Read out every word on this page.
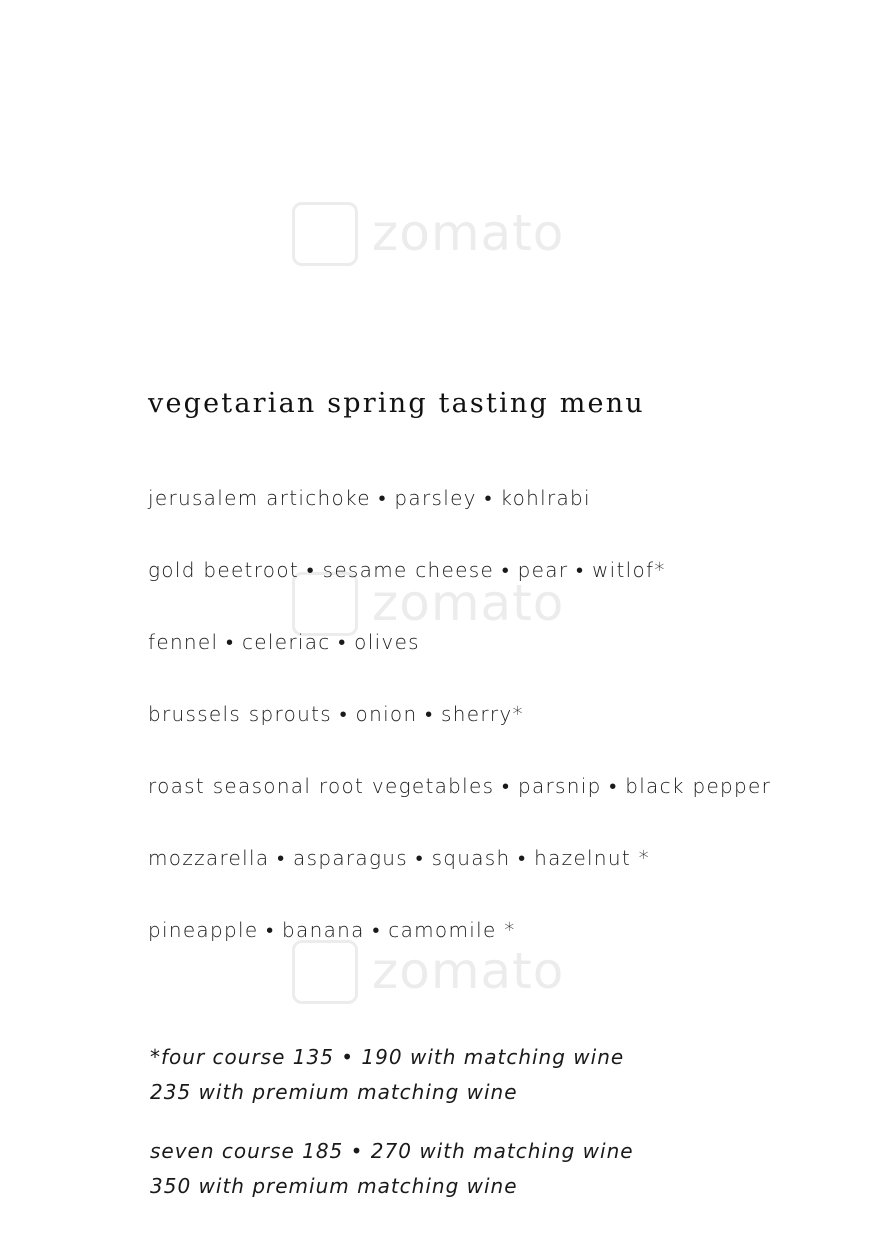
zomato
zomato
zomato
vegetarian spring tasting menu
jerusalem artichoke • parsley • kohlrabi
gold beetroot • sesame cheese • pear • witlof*
fennel • celeriac • olives
brussels sprouts • onion • sherry*
roast seasonal root vegetables • parsnip • black pepper
mozzarella • asparagus • squash • hazelnut *
pineapple • banana • camomile *
*four course 135 • 190 with matching wine
235 with premium matching wine
seven course 185 • 270 with matching wine
350 with premium matching wine
